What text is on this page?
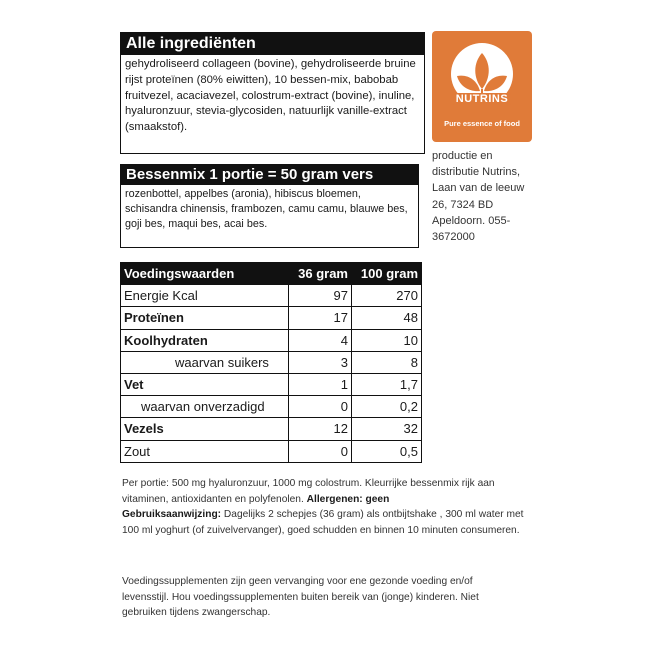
Alle ingrediënten
gehydroliseerd collageen (bovine), gehydroliseerde bruine rijst proteïnen (80% eiwitten), 10 bessen-mix, babobab fruitvezel, acaciavezel, colostrum-extract (bovine), inuline, hyaluronzuur, stevia-glycosiden, natuurlijk vanille-extract (smaakstof).
Bessenmix 1 portie = 50 gram vers
rozenbottel, appelbes (aronia), hibiscus bloemen, schisandra chinensis, frambozen, camu camu, blauwe bes, goji bes, maqui bes, acai bes.
Voedingswaarden	36 gram	100 gram
Energie Kcal	97	270
Proteïnen	17	48
Koolhydraten	4	10
waarvan suikers	3	8
Vet	1	1,7
waarvan onverzadigd	0	0,2
Vezels	12	32
Zout	0	0,5
NUTRINS
Pure essence of food
productie en distributie Nutrins, Laan van de leeuw 26, 7324 BD Apeldoorn. 055-3672000
Per portie: 500 mg hyaluronzuur, 1000 mg colostrum. Kleurrijke bessenmix rijk aan vitaminen, antioxidanten en polyfenolen. Allergenen: geen
Gebruiksaanwijzing: Dagelijks 2 schepjes (36 gram) als ontbijtshake , 300 ml water met 100 ml yoghurt (of zuivelvervanger), goed schudden en binnen 10 minuten consumeren.
Voedingssupplementen zijn geen vervanging voor ene gezonde voeding en/of levensstijl. Hou voedingssupplementen buiten bereik van (jonge) kinderen. Niet gebruiken tijdens zwangerschap.
